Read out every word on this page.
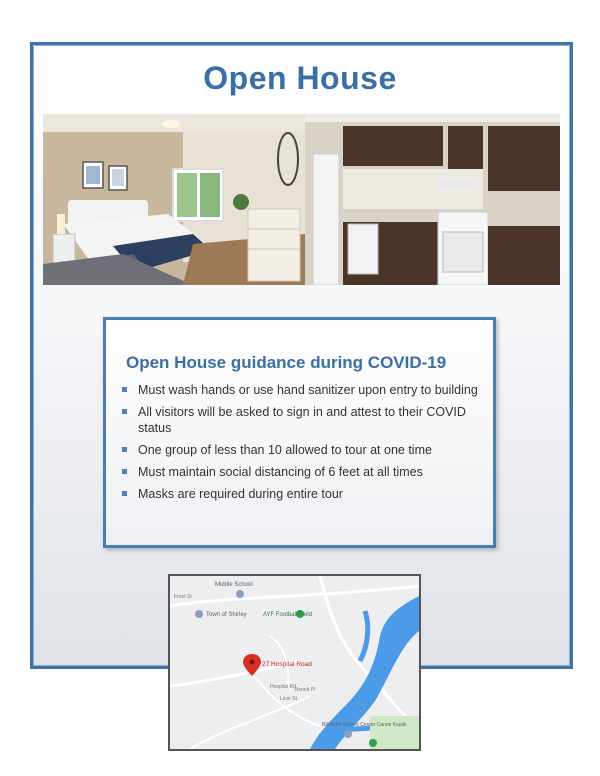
Open House
Open House guidance during COVID-19
Must wash hands or use hand sanitizer upon entry to building
All visitors will be asked to sign in and attest to their COVID status
One group of less than 10 allowed to tour at one time
Must maintain social distancing of 6 feet at all times
Masks are required during entire tour
Middle School
Town of Shirley	AYF Football Field
27 Hospital Road
Front St
Hospital Rd
Love St
Benoit Pl
Bill Ashe Visitors Center Canoe Kayak
